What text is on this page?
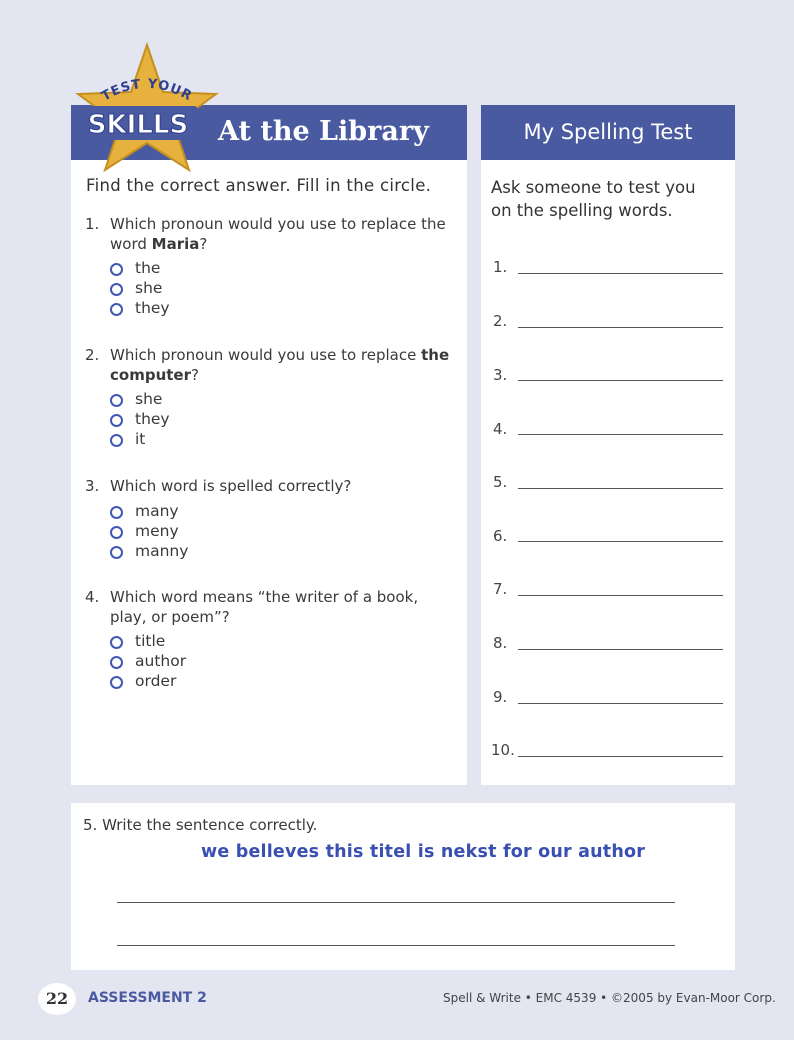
At the Library
TEST YOUR
SKILLS	My Spelling Test
Find the correct answer. Fill in the circle.
1. Which pronoun would you use to replace the word Maria?
the
she
they
2. Which pronoun would you use to replace the computer?
she
they
it
3. Which word is spelled correctly?
many
meny
manny
4. Which word means “the writer of a book, play, or poem”?
title
author
order
Ask someone to test you on the spelling words.
1.
2.
3.
4.
5.
6.
7.
8.
9.
10.
5. Write the sentence correctly.
we belleves this titel is nekst for our author
22	ASSESSMENT 2	Spell & Write • EMC 4539 • ©2005 by Evan-Moor Corp.
